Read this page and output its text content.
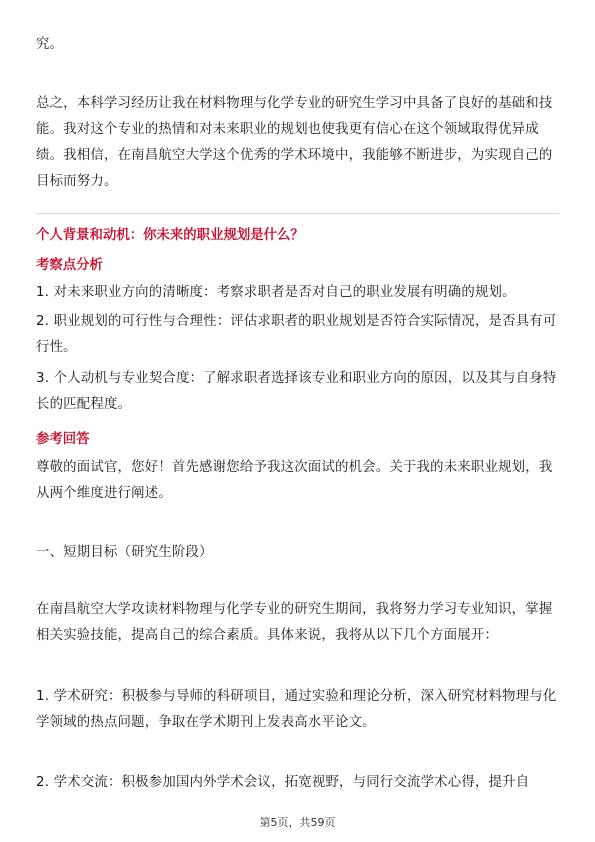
究。

总之，本科学习经历让我在材料物理与化学专业的研究生学习中具备了良好的基础和技能。我对这个专业的热情和对未来职业的规划也使我更有信心在这个领域取得优异成绩。我相信，在南昌航空大学这个优秀的学术环境中，我能够不断进步，为实现自己的目标而努力。

个人背景和动机：你未来的职业规划是什么？

考察点分析

1. 对未来职业方向的清晰度：考察求职者是否对自己的职业发展有明确的规划。

2. 职业规划的可行性与合理性：评估求职者的职业规划是否符合实际情况，是否具有可行性。

3. 个人动机与专业契合度：了解求职者选择该专业和职业方向的原因，以及其与自身特长的匹配程度。

参考回答

尊敬的面试官，您好！首先感谢您给予我这次面试的机会。关于我的未来职业规划，我从两个维度进行阐述。

一、短期目标（研究生阶段）

在南昌航空大学攻读材料物理与化学专业的研究生期间，我将努力学习专业知识，掌握相关实验技能，提高自己的综合素质。具体来说，我将从以下几个方面展开：

1. 学术研究：积极参与导师的科研项目，通过实验和理论分析，深入研究材料物理与化学领域的热点问题，争取在学术期刊上发表高水平论文。

2. 学术交流：积极参加国内外学术会议，拓宽视野，与同行交流学术心得，提升自

第5页，共59页
